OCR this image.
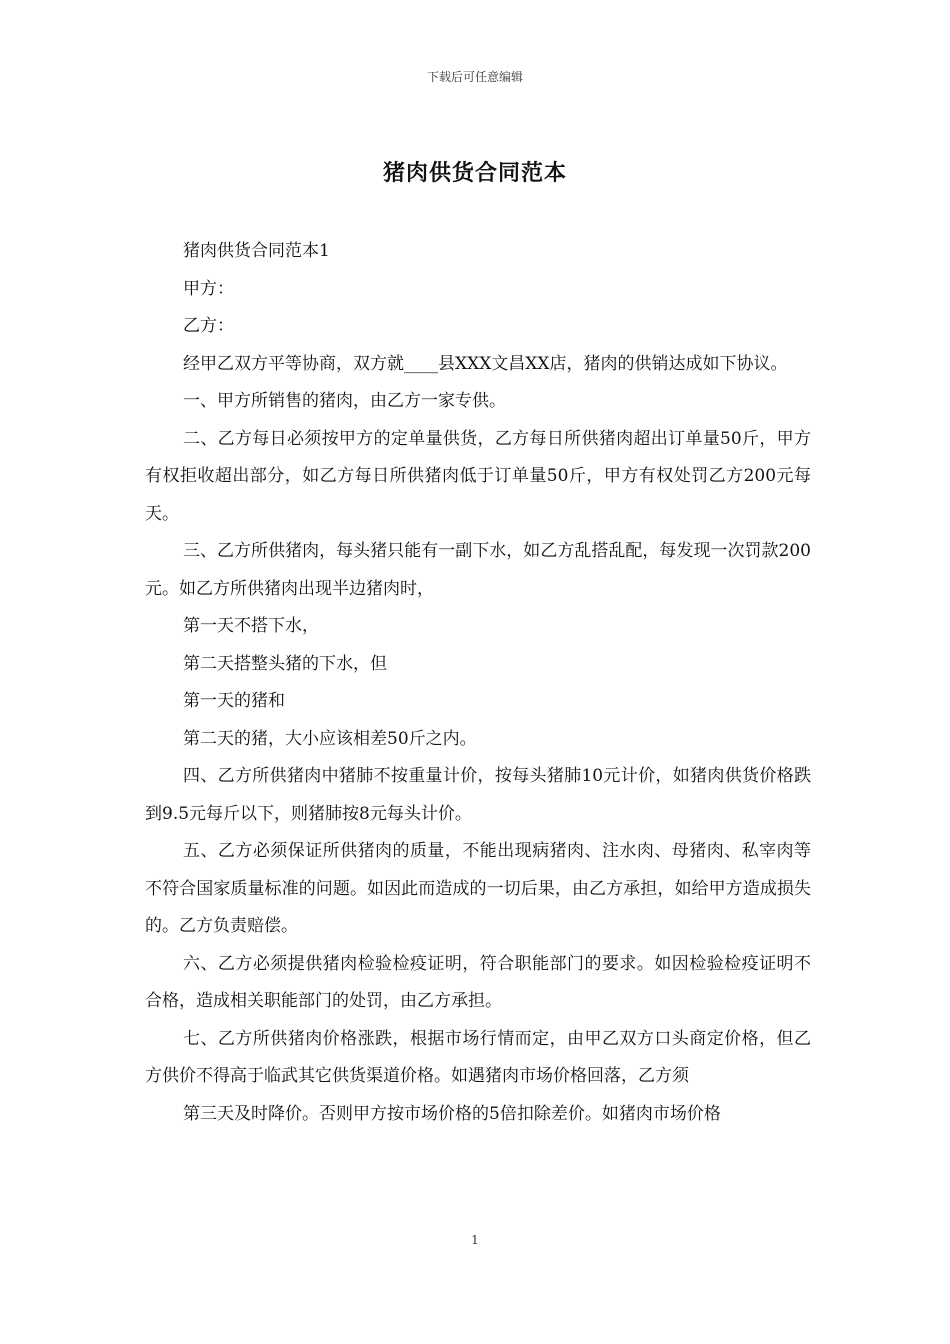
下载后可任意编辑
猪肉供货合同范本

猪肉供货合同范本1

甲方：

乙方：

经甲乙双方平等协商，双方就____县XXX文昌XX店，猪肉的供销达成如下协议。

一、甲方所销售的猪肉，由乙方一家专供。

二、乙方每日必须按甲方的定单量供货，乙方每日所供猪肉超出订单量50斤，甲方有权拒收超出部分，如乙方每日所供猪肉低于订单量50斤，甲方有权处罚乙方200元每天。

三、乙方所供猪肉，每头猪只能有一副下水，如乙方乱搭乱配，每发现一次罚款200元。如乙方所供猪肉出现半边猪肉时，

第一天不搭下水，

第二天搭整头猪的下水，但

第一天的猪和

第二天的猪，大小应该相差50斤之内。

四、乙方所供猪肉中猪肺不按重量计价，按每头猪肺10元计价，如猪肉供货价格跌到9.5元每斤以下，则猪肺按8元每头计价。

五、乙方必须保证所供猪肉的质量，不能出现病猪肉、注水肉、母猪肉、私宰肉等不符合国家质量标准的问题。如因此而造成的一切后果，由乙方承担，如给甲方造成损失的。乙方负责赔偿。

六、乙方必须提供猪肉检验检疫证明，符合职能部门的要求。如因检验检疫证明不合格，造成相关职能部门的处罚，由乙方承担。

七、乙方所供猪肉价格涨跌，根据市场行情而定，由甲乙双方口头商定价格，但乙方供价不得高于临武其它供货渠道价格。如遇猪肉市场价格回落，乙方须

第三天及时降价。否则甲方按市场价格的5倍扣除差价。如猪肉市场价格

1
